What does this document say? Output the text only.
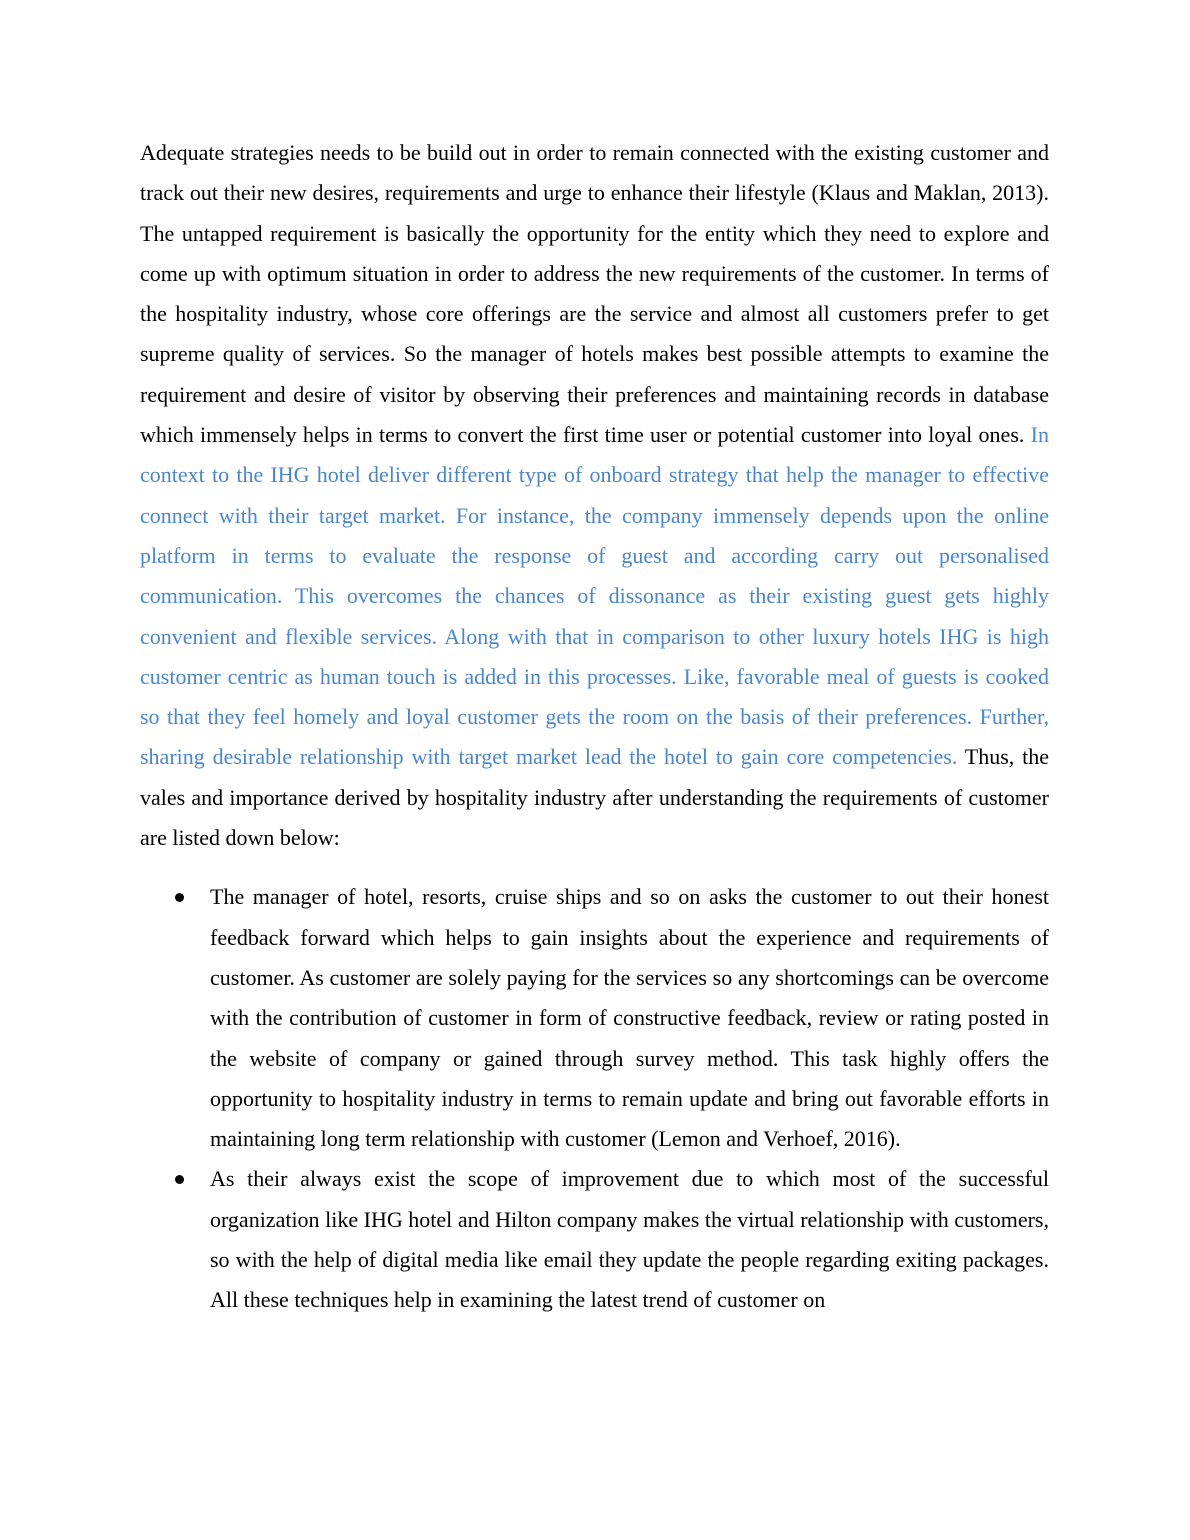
Adequate strategies needs to be build out in order to remain connected with the existing customer and track out their new desires, requirements and urge to enhance their lifestyle (Klaus and Maklan, 2013). The untapped requirement is basically the opportunity for the entity which they need to explore and come up with optimum situation in order to address the new requirements of the customer. In terms of the hospitality industry, whose core offerings are the service and almost all customers prefer to get supreme quality of services. So the manager of hotels makes best possible attempts to examine the requirement and desire of visitor by observing their preferences and maintaining records in database which immensely helps in terms to convert the first time user or potential customer into loyal ones. In context to the IHG hotel deliver different type of onboard strategy that help the manager to effective connect with their target market. For instance, the company immensely depends upon the online platform in terms to evaluate the response of guest and according carry out personalised communication. This overcomes the chances of dissonance as their existing guest gets highly convenient and flexible services. Along with that in comparison to other luxury hotels IHG is high customer centric as human touch is added in this processes. Like, favorable meal of guests is cooked so that they feel homely and loyal customer gets the room on the basis of their preferences. Further, sharing desirable relationship with target market lead the hotel to gain core competencies. Thus, the vales and importance derived by hospitality industry after understanding the requirements of customer are listed down below:

The manager of hotel, resorts, cruise ships and so on asks the customer to out their honest feedback forward which helps to gain insights about the experience and requirements of customer. As customer are solely paying for the services so any shortcomings can be overcome with the contribution of customer in form of constructive feedback, review or rating posted in the website of company or gained through survey method. This task highly offers the opportunity to hospitality industry in terms to remain update and bring out favorable efforts in maintaining long term relationship with customer (Lemon and Verhoef, 2016).
As their always exist the scope of improvement due to which most of the successful organization like IHG hotel and Hilton company makes the virtual relationship with customers, so with the help of digital media like email they update the people regarding exiting packages. All these techniques help in examining the latest trend of customer on
